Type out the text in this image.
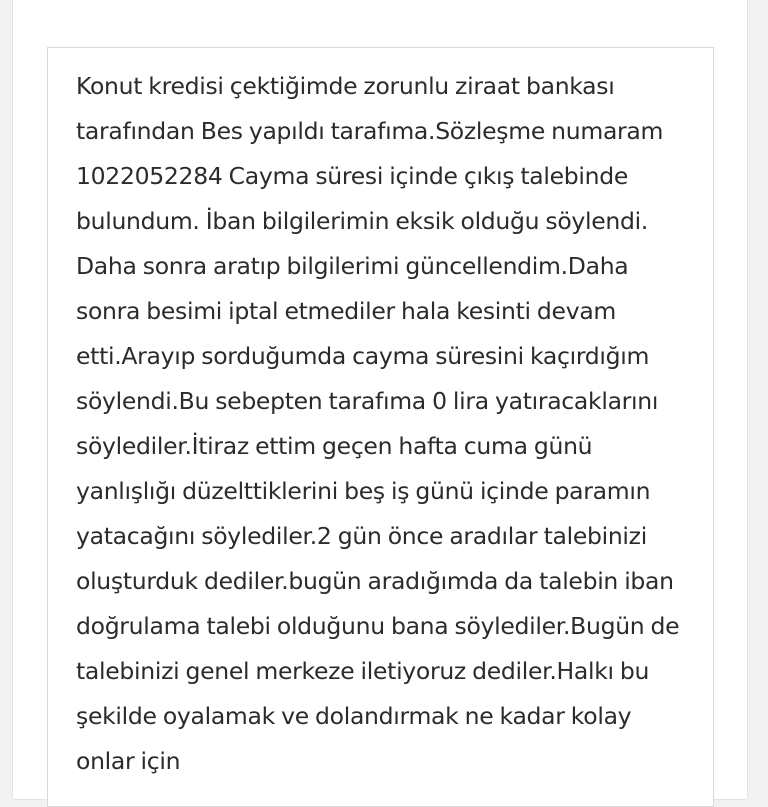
Konut kredisi çektiğimde zorunlu ziraat bankası tarafından Bes yapıldı tarafıma.Sözleşme numaram 1022052284 Cayma süresi içinde çıkış talebinde bulundum. İban bilgilerimin eksik olduğu söylendi. Daha sonra aratıp bilgilerimi güncellendim.Daha sonra besimi iptal etmediler hala kesinti devam etti.Arayıp sorduğumda cayma süresini kaçırdığım söylendi.Bu sebepten tarafıma 0 lira yatıracaklarını söylediler.İtiraz ettim geçen hafta cuma günü yanlışlığı düzelttiklerini beş iş günü içinde paramın yatacağını söylediler.2 gün önce aradılar talebinizi oluşturduk dediler.bugün aradığımda da talebin iban doğrulama talebi olduğunu bana söylediler.Bugün de talebinizi genel merkeze iletiyoruz dediler.Halkı bu şekilde oyalamak ve dolandırmak ne kadar kolay onlar için
